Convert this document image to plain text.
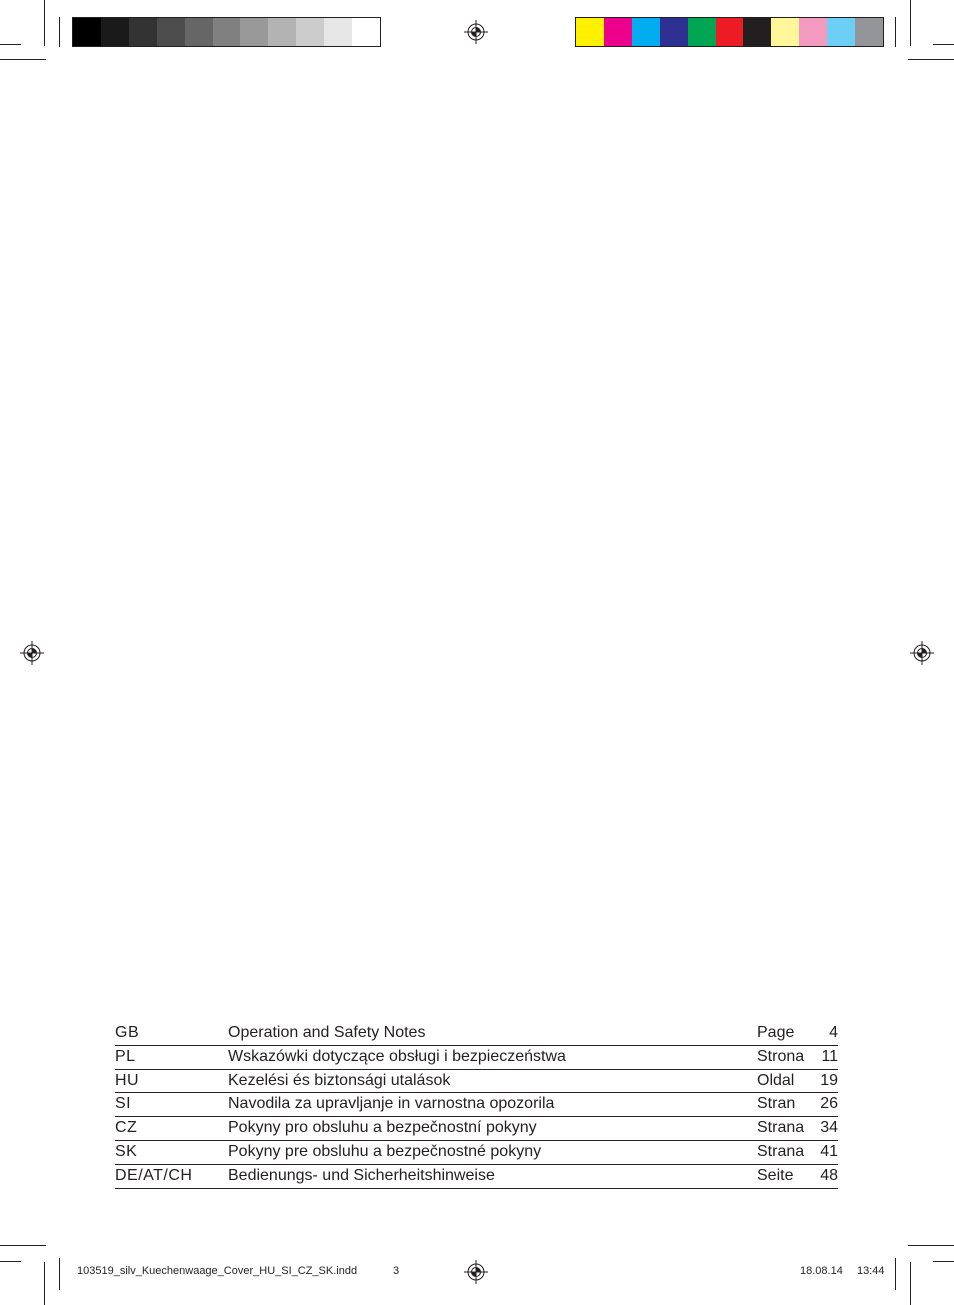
GB	Operation and Safety Notes	Page 4
PL	Wskazówki dotyczące obsługi i bezpieczeństwa	Strona 11
HU	Kezelési és biztonsági utalások	Oldal 19
SI	Navodila za upravljanje in varnostna opozorila	Stran 26
CZ	Pokyny pro obsluhu a bezpečnostní pokyny	Strana 34
SK	Pokyny pre obsluhu a bezpečnostné pokyny	Strana 41
DE/AT/CH Bedienungs- und Sicherheitshinweise	Seite 48
103519_silv_Kuechenwaage_Cover_HU_SI_CZ_SK.indd	3	18.08.14 13:44
